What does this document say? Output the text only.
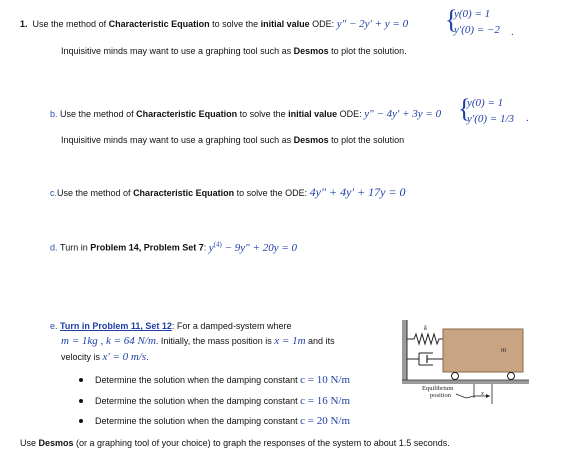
1. Use the method of Characteristic Equation to solve the initial value ODE: y" − 2y' + y = 0 {
y(0) = 1
y'(0) = −2 .
Inquisitive minds may want to use a graphing tool such as Desmos to plot the solution.
b. Use the method of Characteristic Equation to solve the initial value ODE: y" − 4y' + 3y = 0 {
y(0) = 1
y'(0) = 1/3 .
Inquisitive minds may want to use a graphing tool such as Desmos to plot the solution
c.Use the method of Characteristic Equation to solve the ODE: 4y" + 4y' + 17y = 0
d. Turn in Problem 14, Problem Set 7: $y^{(4)} - 9y$" + 20y = 0
e. Turn in Problem 11, Set 12: For a damped-system where
m = 1kg , k = 64 N/m. Initially, the mass position is x = 1m and its
velocity is x' = 0 m/s.
Determine the solution when the damping constant c = 10 N/m
Determine the solution when the damping constant c = 16 N/m
Determine the solution when the damping constant c = 20 N/m
k
m
Equilibrium
position	x
Use Desmos (or a graphing tool of your choice) to graph the responses of the system to about 1.5 seconds.
